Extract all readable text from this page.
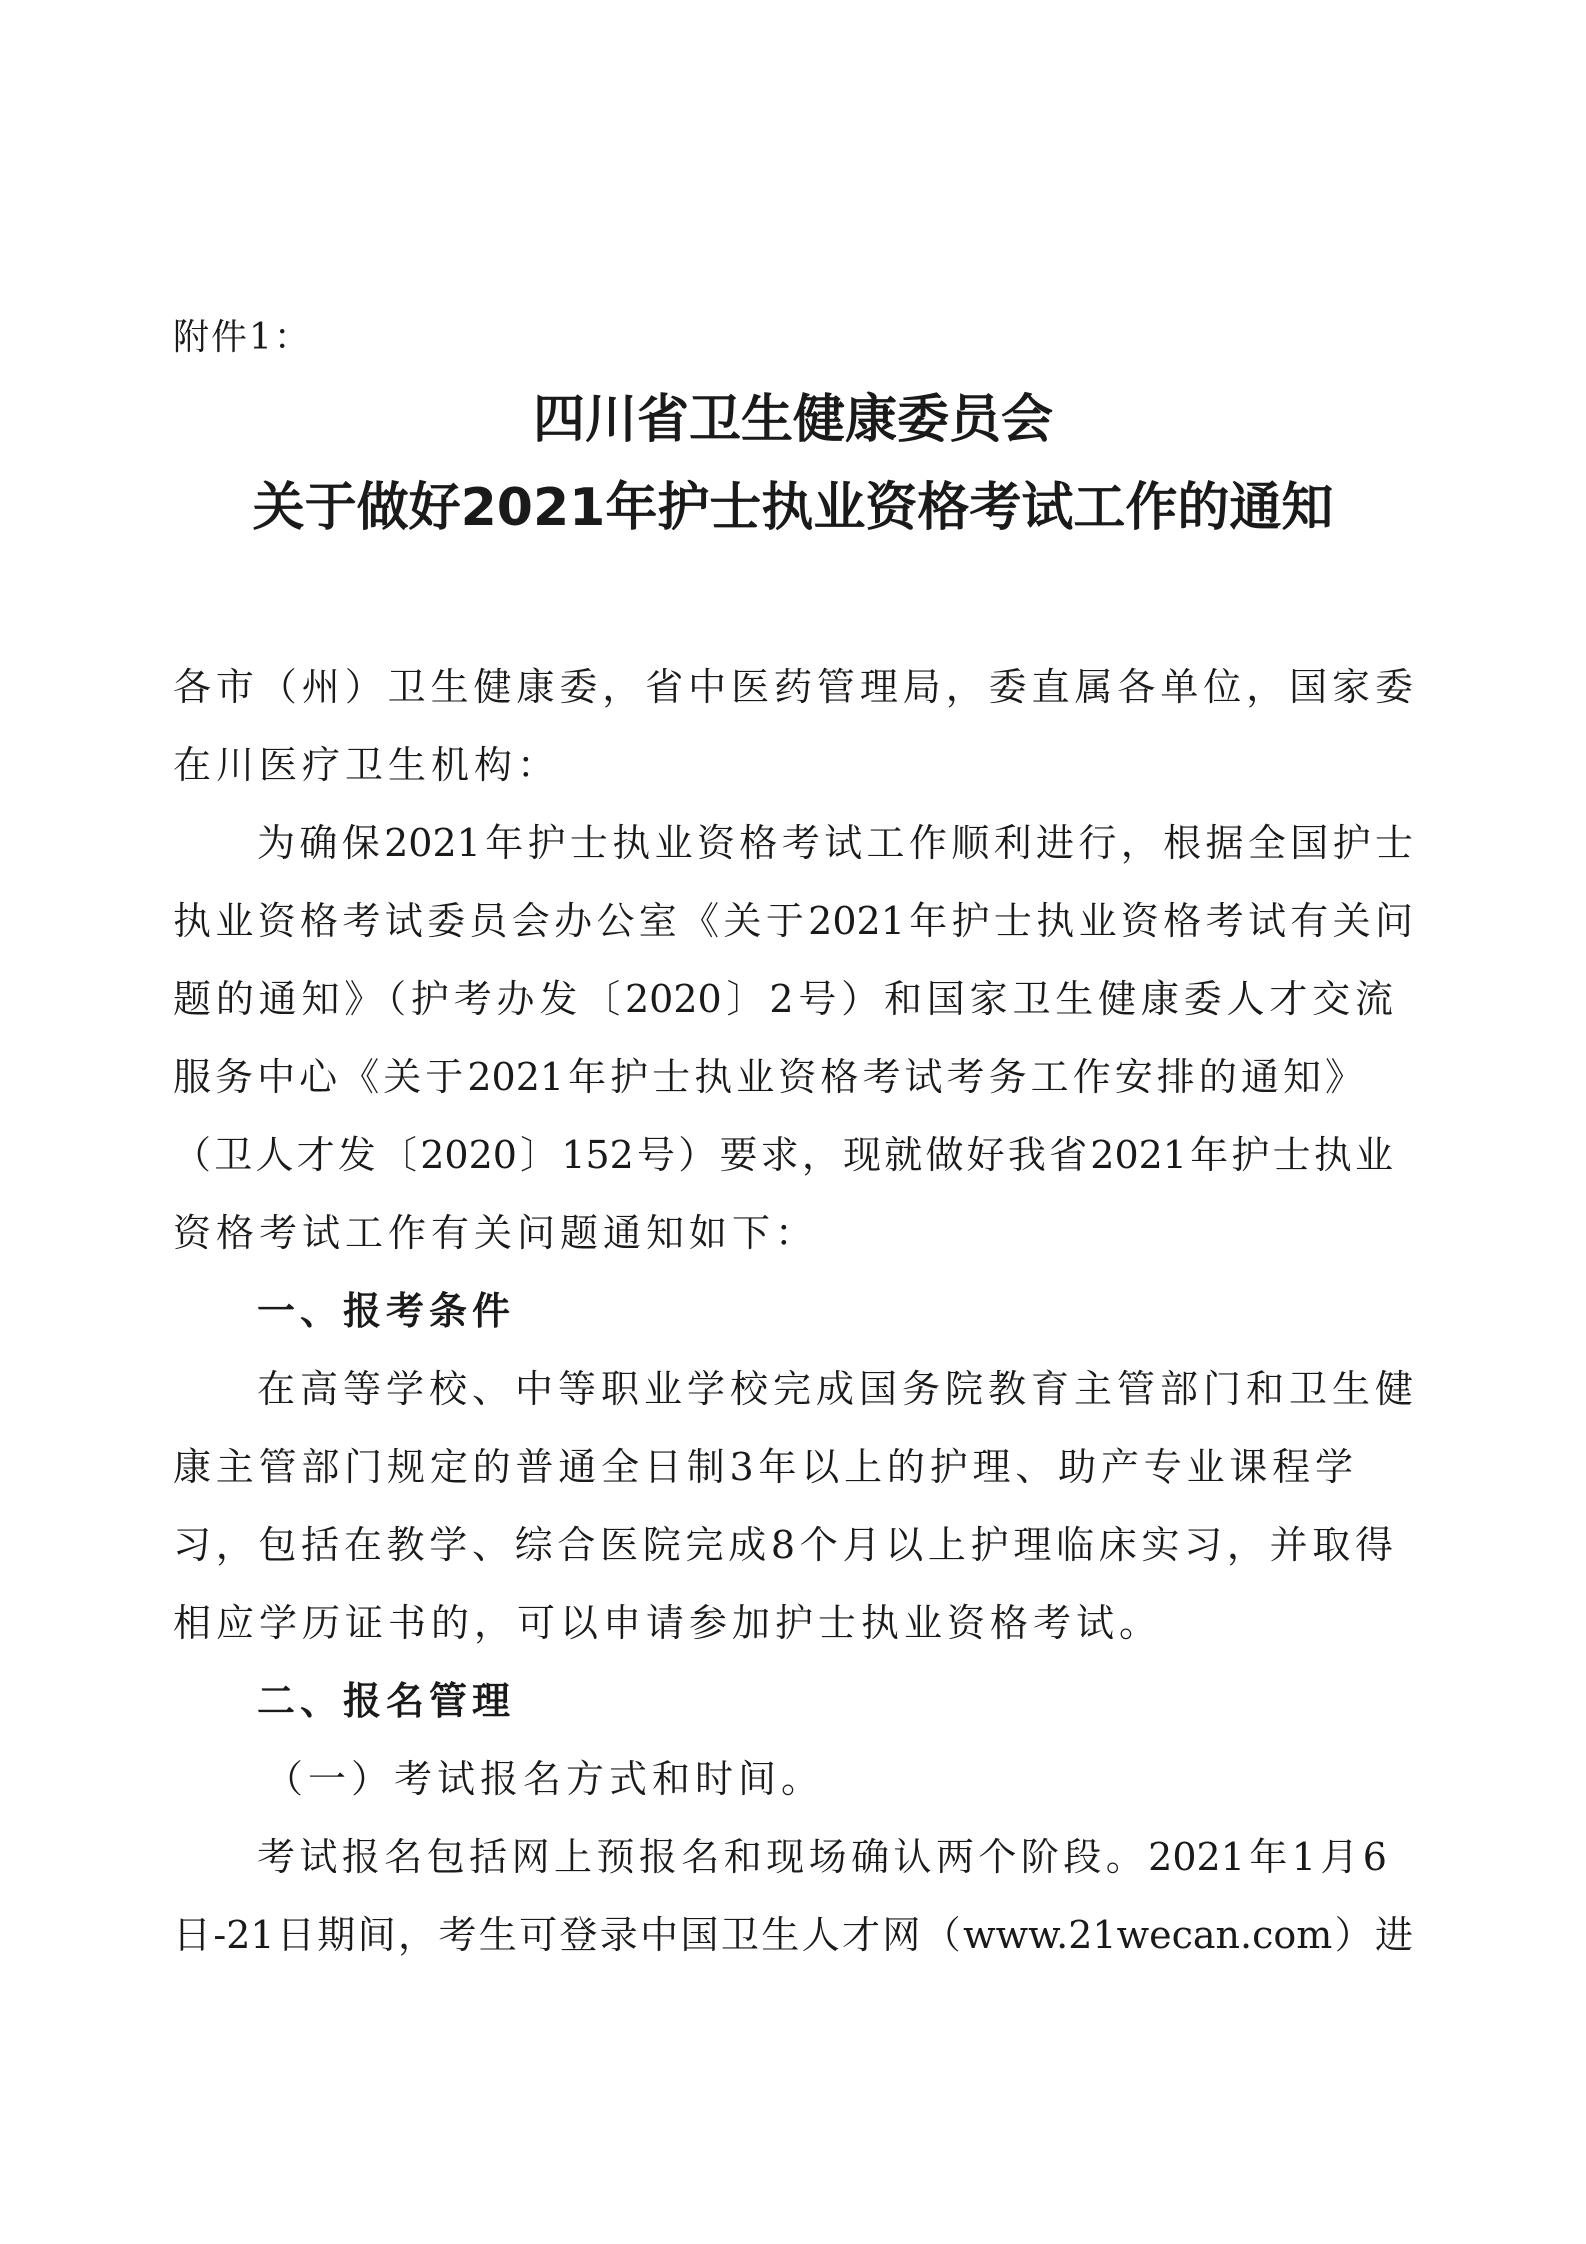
附件1：
四川省卫生健康委员会
关于做好2021年护士执业资格考试工作的通知
各市（州）卫生健康委，省中医药管理局，委直属各单位，国家委
在川医疗卫生机构：
为确保2021年护士执业资格考试工作顺利进行，根据全国护士
执业资格考试委员会办公室《关于2021年护士执业资格考试有关问
题的通知》（护考办发〔2020〕2号）和国家卫生健康委人才交流
服务中心《关于2021年护士执业资格考试考务工作安排的通知》
（卫人才发〔2020〕152号）要求，现就做好我省2021年护士执业
资格考试工作有关问题通知如下：
一、报考条件
在高等学校、中等职业学校完成国务院教育主管部门和卫生健
康主管部门规定的普通全日制3年以上的护理、助产专业课程学
习，包括在教学、综合医院完成8个月以上护理临床实习，并取得
相应学历证书的，可以申请参加护士执业资格考试。
二、报名管理
（一）考试报名方式和时间。
考试报名包括网上预报名和现场确认两个阶段。2021年1月6
日-21日期间，考生可登录中国卫生人才网（www.21wecan.com）进
